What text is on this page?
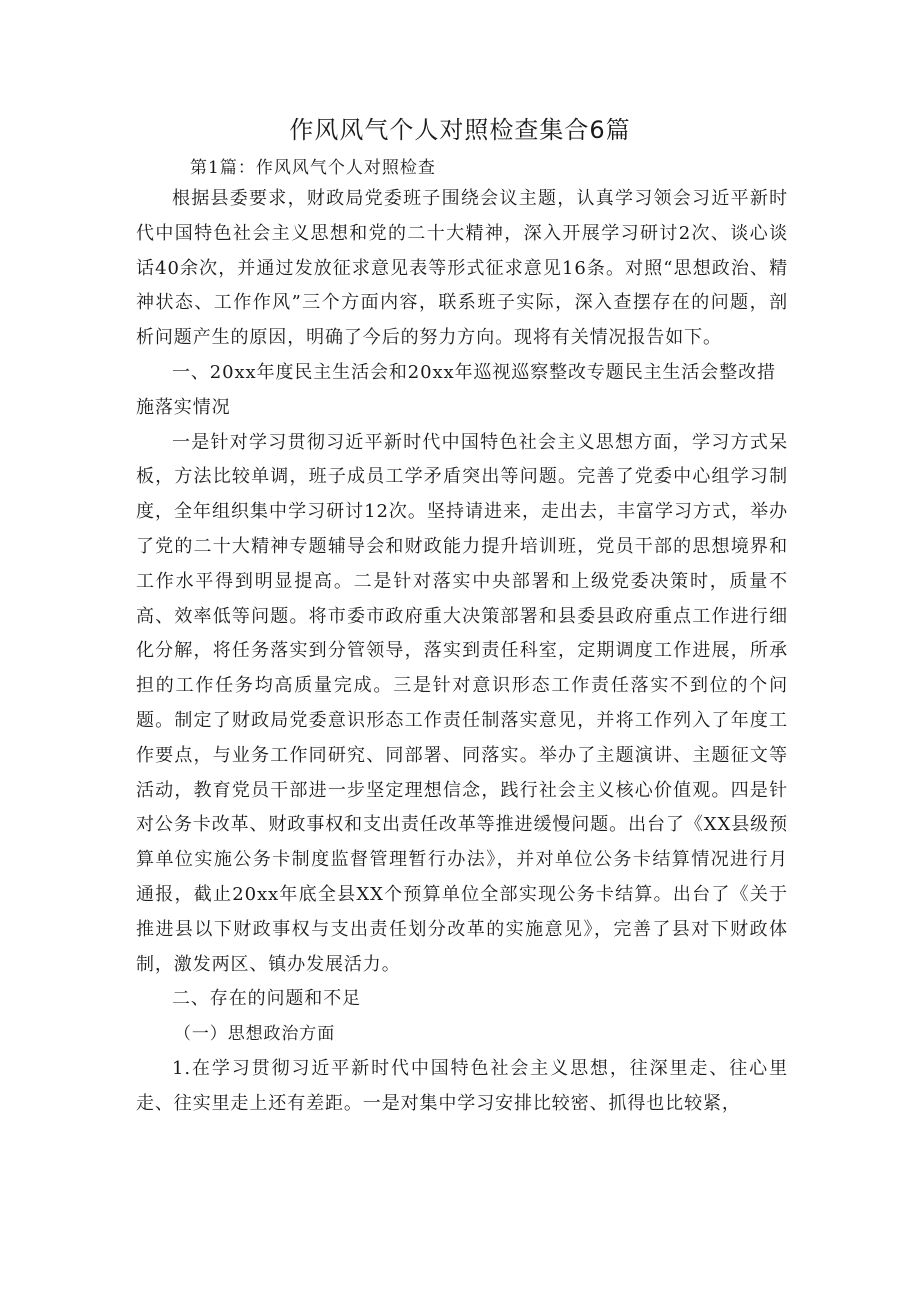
作风风气个人对照检查集合6篇

第1篇：作风风气个人对照检查

根据县委要求，财政局党委班子围绕会议主题，认真学习领会习近平新时代中国特色社会主义思想和党的二十大精神，深入开展学习研讨2次、谈心谈话40余次，并通过发放征求意见表等形式征求意见16条。对照“思想政治、精神状态、工作作风”三个方面内容，联系班子实际，深入查摆存在的问题，剖析问题产生的原因，明确了今后的努力方向。现将有关情况报告如下。

一、20xx年度民主生活会和20xx年巡视巡察整改专题民主生活会整改措施落实情况

一是针对学习贯彻习近平新时代中国特色社会主义思想方面，学习方式呆板，方法比较单调，班子成员工学矛盾突出等问题。完善了党委中心组学习制度，全年组织集中学习研讨12次。坚持请进来，走出去，丰富学习方式，举办了党的二十大精神专题辅导会和财政能力提升培训班，党员干部的思想境界和工作水平得到明显提高。二是针对落实中央部署和上级党委决策时，质量不高、效率低等问题。将市委市政府重大决策部署和县委县政府重点工作进行细化分解，将任务落实到分管领导，落实到责任科室，定期调度工作进展，所承担的工作任务均高质量完成。三是针对意识形态工作责任落实不到位的个问题。制定了财政局党委意识形态工作责任制落实意见，并将工作列入了年度工作要点，与业务工作同研究、同部署、同落实。举办了主题演讲、主题征文等活动，教育党员干部进一步坚定理想信念，践行社会主义核心价值观。四是针对公务卡改革、财政事权和支出责任改革等推进缓慢问题。出台了《XX县级预算单位实施公务卡制度监督管理暂行办法》，并对单位公务卡结算情况进行月通报，截止20xx年底全县XX个预算单位全部实现公务卡结算。出台了《关于推进县以下财政事权与支出责任划分改革的实施意见》，完善了县对下财政体制，激发两区、镇办发展活力。

二、存在的问题和不足

（一）思想政治方面

1.在学习贯彻习近平新时代中国特色社会主义思想，往深里走、往心里走、往实里走上还有差距。一是对集中学习安排比较密、抓得也比较紧，
